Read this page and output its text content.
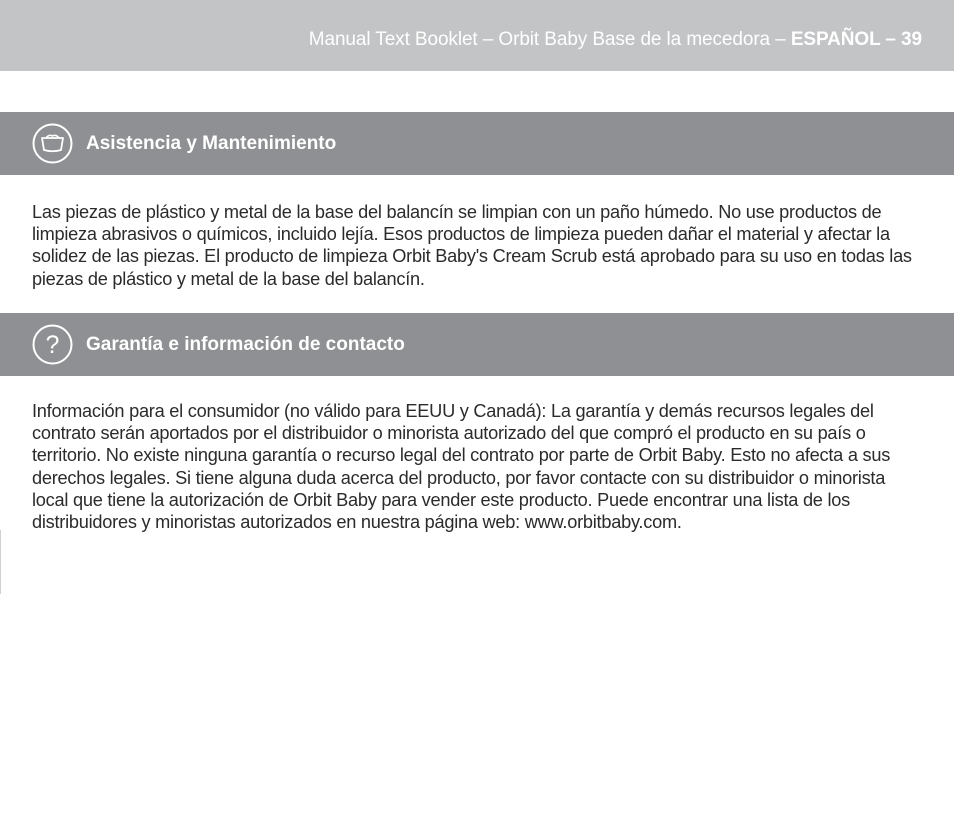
Manual Text Booklet – Orbit Baby Base de la mecedora – ESPAÑOL – 39
Asistencia y Mantenimiento
Las piezas de plástico y metal de la base del balancín se limpian con un paño húmedo. No use productos de limpieza abrasivos o químicos, incluido lejía. Esos productos de limpieza pueden dañar el material y afectar la solidez de las piezas. El producto de limpieza Orbit Baby's Cream Scrub está aprobado para su uso en todas las piezas de plástico y metal de la base del balancín.
? Garantía e información de contacto
Información para el consumidor (no válido para EEUU y Canadá): La garantía y demás recursos legales del contrato serán aportados por el distribuidor o minorista autorizado del que compró el producto en su país o territorio. No existe ninguna garantía o recurso legal del contrato por parte de Orbit Baby. Esto no afecta a sus derechos legales. Si tiene alguna duda acerca del producto, por favor contacte con su distribuidor o minorista local que tiene la autorización de Orbit Baby para vender este producto. Puede encontrar una lista de los distribuidores y minoristas autorizados en nuestra página web: www.orbitbaby.com.
